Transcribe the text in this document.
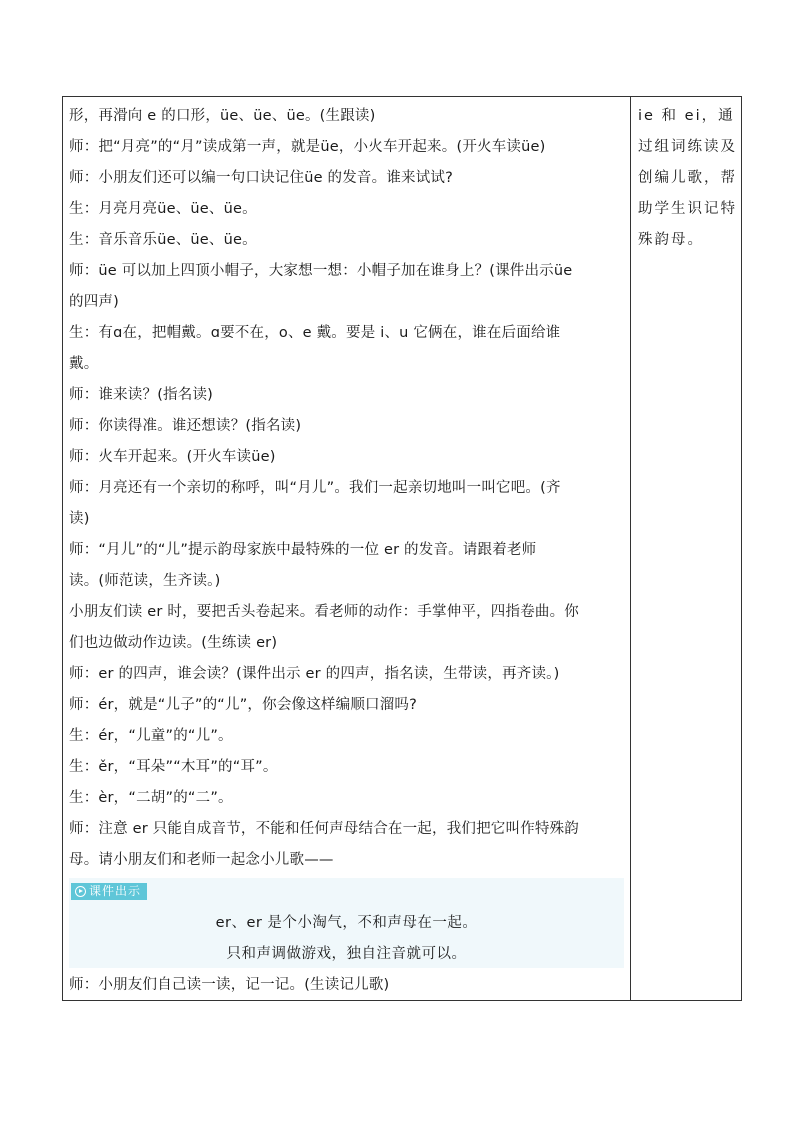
形，再滑向 e 的口形，üe、üe、üe。(生跟读)
师：把“月亮”的“月”读成第一声，就是üe，小火车开起来。(开火车读üe)
师：小朋友们还可以编一句口诀记住üe 的发音。谁来试试?
生：月亮月亮üe、üe、üe。
生：音乐音乐üe、üe、üe。
师：üe 可以加上四顶小帽子，大家想一想：小帽子加在谁身上？(课件出示üe
的四声)
生：有ɑ在，把帽戴。ɑ要不在，o、e 戴。要是 i、u 它俩在，谁在后面给谁
戴。
师：谁来读？(指名读)
师：你读得准。谁还想读？(指名读)
师：火车开起来。(开火车读üe)
师：月亮还有一个亲切的称呼，叫“月儿”。我们一起亲切地叫一叫它吧。(齐
读)
师：“月儿”的“儿”提示韵母家族中最特殊的一位 er 的发音。请跟着老师
读。(师范读，生齐读。)
小朋友们读 er 时，要把舌头卷起来。看老师的动作：手掌伸平，四指卷曲。你
们也边做动作边读。(生练读 er)
师：er 的四声，谁会读？(课件出示 er 的四声，指名读，生带读，再齐读。)
师：ér，就是“儿子”的“儿”，你会像这样编顺口溜吗?
生：ér，“儿童”的“儿”。
生：ěr，“耳朵”“木耳”的“耳”。
生：èr，“二胡”的“二”。
师：注意 er 只能自成音节，不能和任何声母结合在一起，我们把它叫作特殊韵
母。请小朋友们和老师一起念小儿歌——
课件出示
er、er 是个小淘气，不和声母在一起。
只和声调做游戏，独自注音就可以。
师：小朋友们自己读一读，记一记。(生读记儿歌)
ie 和 ei，通
过组词练读及
创编儿歌，帮
助学生识记特
殊韵母。
